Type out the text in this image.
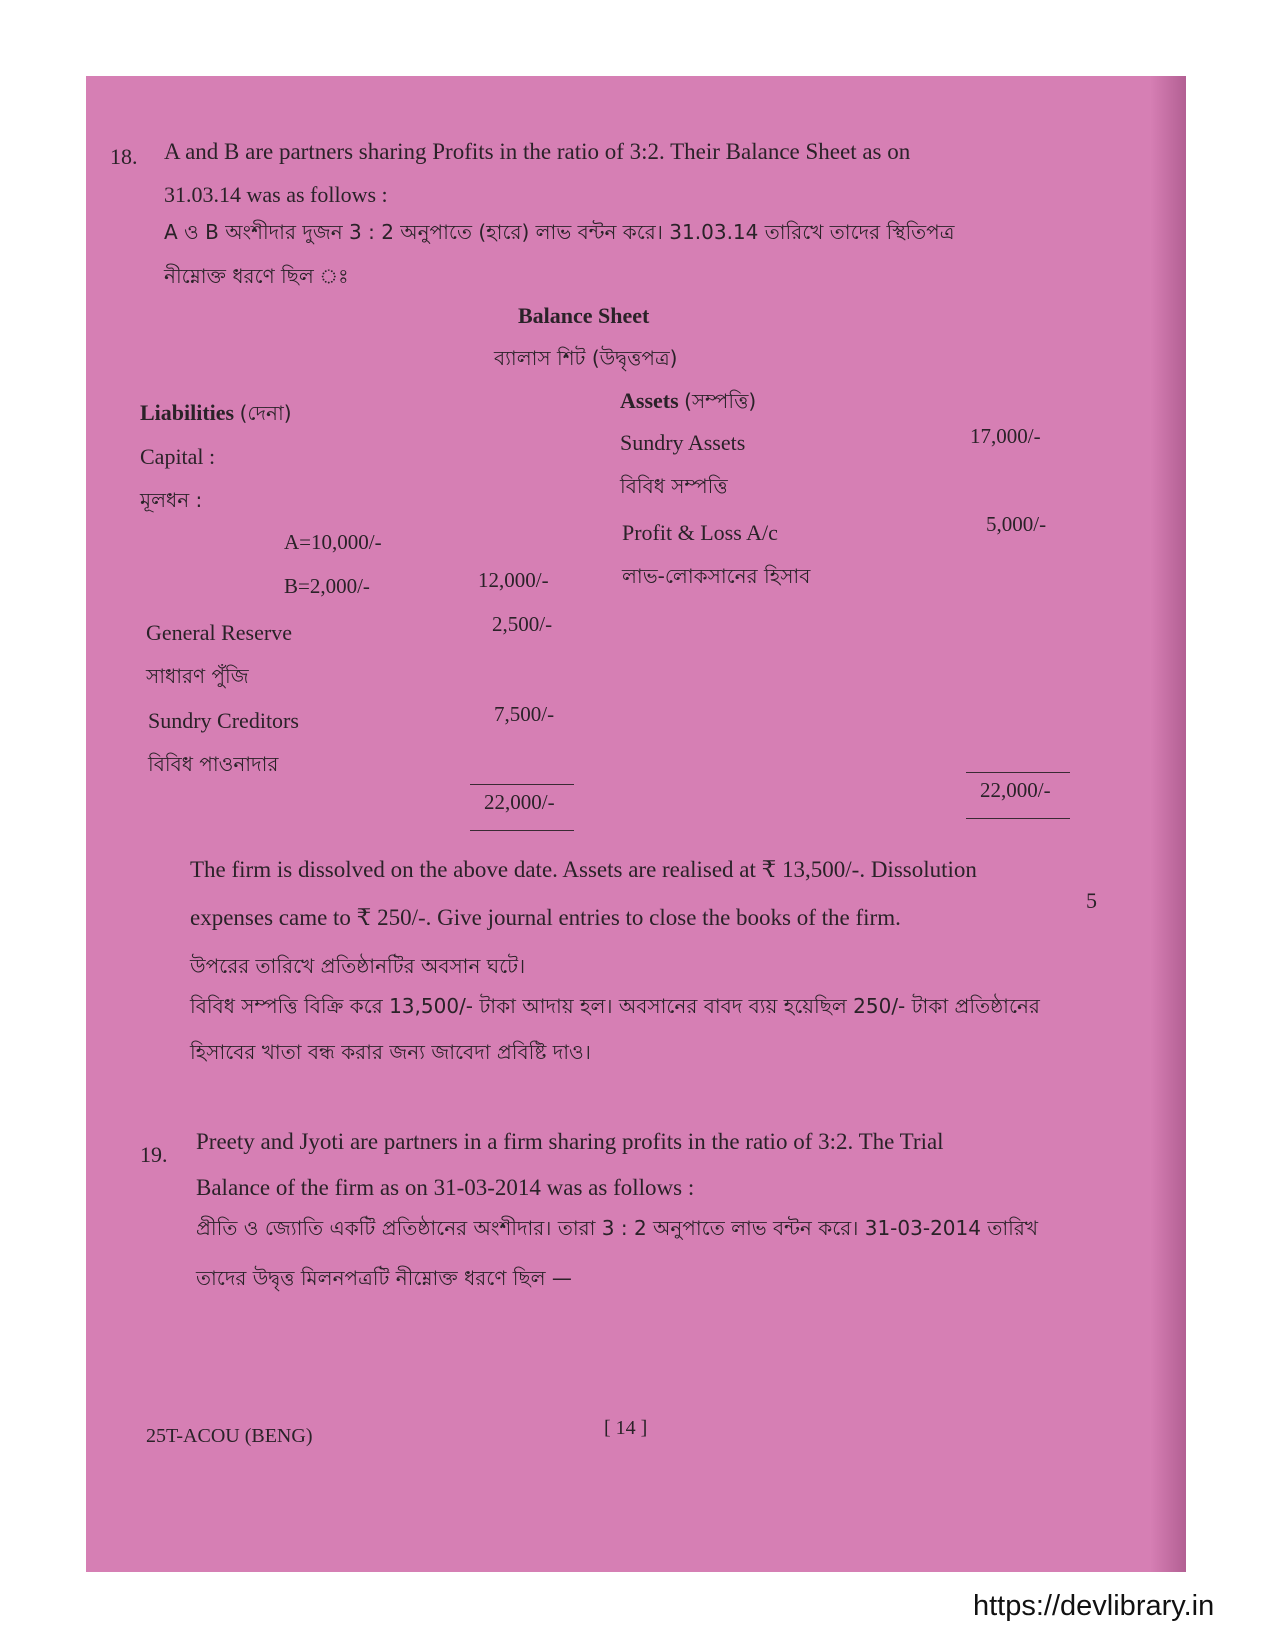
18. A and B are partners sharing Profits in the ratio of 3:2. Their Balance Sheet as on
31.03.14 was as follows :
A ও B অংশীদার দুজন 3 : 2 অনুপাতে (হারে) লাভ বন্টন করে। 31.03.14 তারিখে তাদের স্থিতিপত্র
নীম্নোক্ত ধরণে ছিল ঃ
Balance Sheet
ব্যালাস শিট (উদ্বৃত্তপত্র)
Liabilities (দেনা)
Capital :
মূলধন :
A=10,000/-
B=2,000/-	12,000/-
General Reserve	2,500/-
সাধারণ পুঁজি
Sundry Creditors	7,500/-
বিবিধ পাওনাদার
22,000/-
Assets (সম্পত্তি)
Sundry Assets	17,000/-
বিবিধ সম্পত্তি
Profit & Loss A/c	5,000/-
লাভ-লোকসানের হিসাব
22,000/-
The firm is dissolved on the above date. Assets are realised at ₹ 13,500/-. Dissolution
expenses came to ₹ 250/-. Give journal entries to close the books of the firm.
5
উপরের তারিখে প্রতিষ্ঠানটির অবসান ঘটে।
বিবিধ সম্পত্তি বিক্রি করে 13,500/- টাকা আদায় হল। অবসানের বাবদ ব্যয় হয়েছিল 250/- টাকা প্রতিষ্ঠানের
হিসাবের খাতা বন্ধ করার জন্য জাবেদা প্রবিষ্টি দাও।
19.
Preety and Jyoti are partners in a firm sharing profits in the ratio of 3:2. The Trial
Balance of the firm as on 31-03-2014 was as follows :
প্রীতি ও জ্যোতি একটি প্রতিষ্ঠানের অংশীদার। তারা 3 : 2 অনুপাতে লাভ বন্টন করে। 31-03-2014 তারিখ
তাদের উদ্বৃত্ত মিলনপত্রটি নীম্নোক্ত ধরণে ছিল —
25T-ACOU (BENG)	[ 14 ]
https://devlibrary.in
